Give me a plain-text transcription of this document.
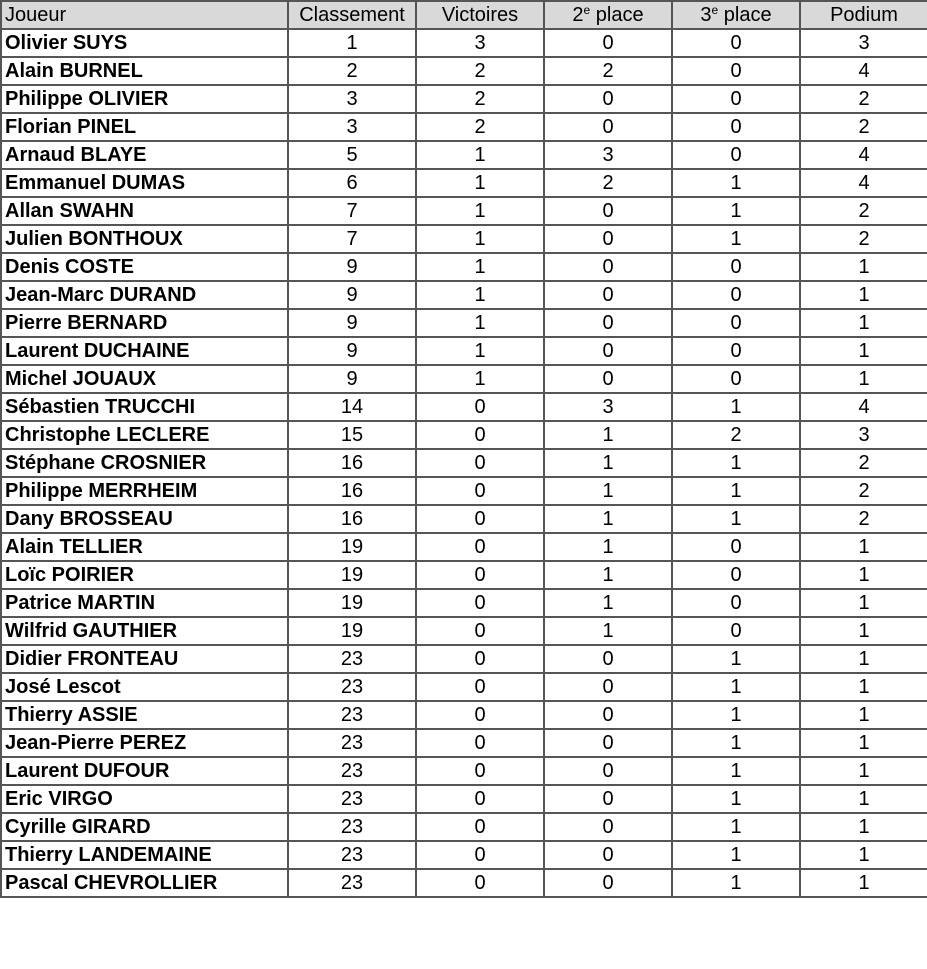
Joueur	Classement	Victoires	2e place	3e place	Podium
Olivier SUYS	1	3	0	0	3
Alain BURNEL	2	2	2	0	4
Philippe OLIVIER	3	2	0	0	2
Florian PINEL	3	2	0	0	2
Arnaud BLAYE	5	1	3	0	4
Emmanuel DUMAS	6	1	2	1	4
Allan SWAHN	7	1	0	1	2
Julien BONTHOUX	7	1	0	1	2
Denis COSTE	9	1	0	0	1
Jean-Marc DURAND	9	1	0	0	1
Pierre BERNARD	9	1	0	0	1
Laurent DUCHAINE	9	1	0	0	1
Michel JOUAUX	9	1	0	0	1
Sébastien TRUCCHI	14	0	3	1	4
Christophe LECLERE	15	0	1	2	3
Stéphane CROSNIER	16	0	1	1	2
Philippe MERRHEIM	16	0	1	1	2
Dany BROSSEAU	16	0	1	1	2
Alain TELLIER	19	0	1	0	1
Loïc POIRIER	19	0	1	0	1
Patrice MARTIN	19	0	1	0	1
Wilfrid GAUTHIER	19	0	1	0	1
Didier FRONTEAU	23	0	0	1	1
José Lescot	23	0	0	1	1
Thierry ASSIE	23	0	0	1	1
Jean-Pierre PEREZ	23	0	0	1	1
Laurent DUFOUR	23	0	0	1	1
Eric VIRGO	23	0	0	1	1
Cyrille GIRARD	23	0	0	1	1
Thierry LANDEMAINE	23	0	0	1	1
Pascal CHEVROLLIER	23	0	0	1	1
